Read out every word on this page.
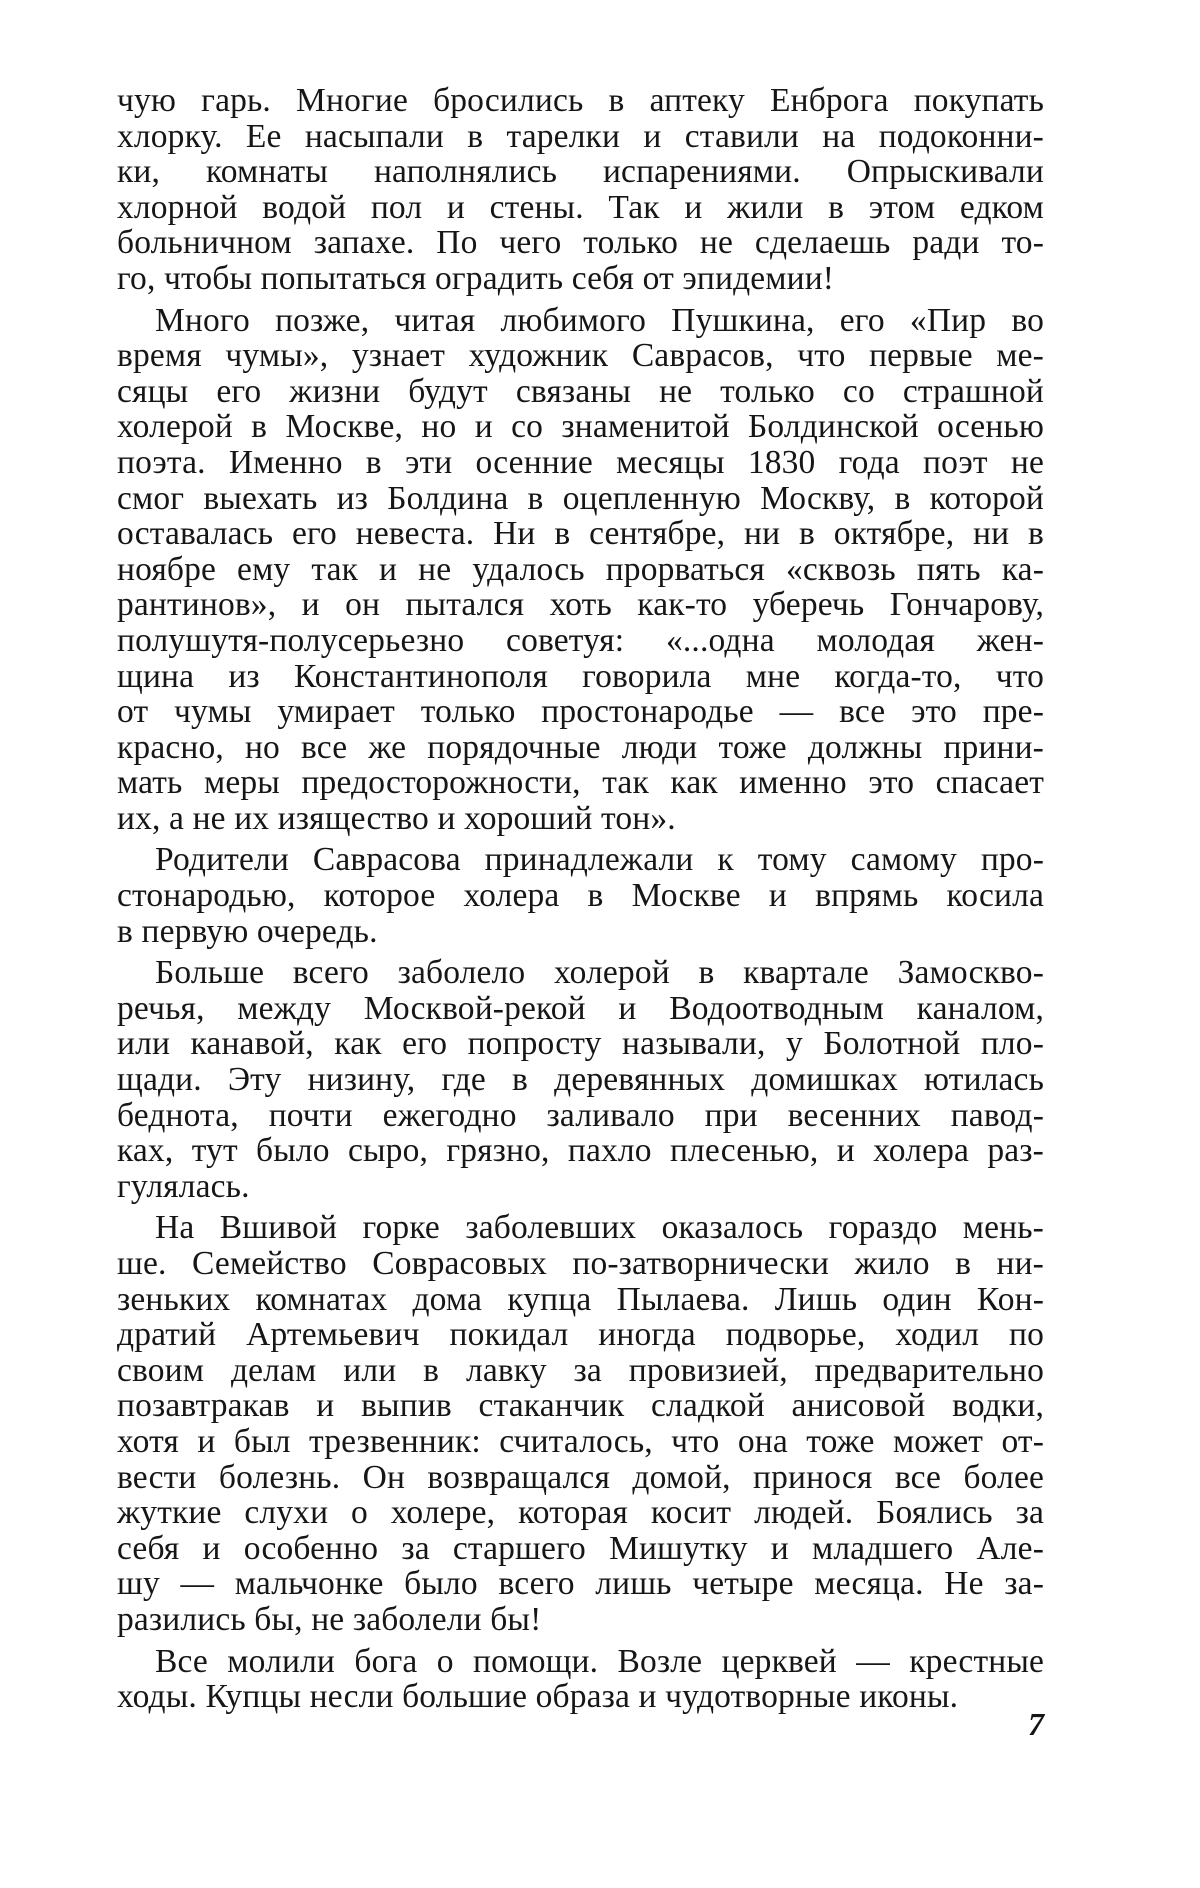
чую гарь. Многие бросились в аптеку Енброга покупать
хлорку. Ее насыпали в тарелки и ставили на подоконни-
ки, комнаты наполнялись испарениями. Опрыскивали
хлорной водой пол и стены. Так и жили в этом едком
больничном запахе. По чего только не сделаешь ради то-
го, чтобы попытаться оградить себя от эпидемии!
Много позже, читая любимого Пушкина, его «Пир во
время чумы», узнает художник Саврасов, что первые ме-
сяцы его жизни будут связаны не только со страшной
холерой в Москве, но и со знаменитой Болдинской осенью
поэта. Именно в эти осенние месяцы 1830 года поэт не
смог выехать из Болдина в оцепленную Москву, в которой
оставалась его невеста. Ни в сентябре, ни в октябре, ни в
ноябре ему так и не удалось прорваться «сквозь пять ка-
рантинов», и он пытался хоть как-то уберечь Гончарову,
полушутя-полусерьезно советуя: «...одна молодая жен-
щина из Константинополя говорила мне когда-то, что
от чумы умирает только простонародье — все это пре-
красно, но все же порядочные люди тоже должны прини-
мать меры предосторожности, так как именно это спасает
их, а не их изящество и хороший тон».
Родители Саврасова принадлежали к тому самому про-
стонародью, которое холера в Москве и впрямь косила
в первую очередь.
Больше всего заболело холерой в квартале Замоскво-
речья, между Москвой-рекой и Водоотводным каналом,
или канавой, как его попросту называли, у Болотной пло-
щади. Эту низину, где в деревянных домишках ютилась
беднота, почти ежегодно заливало при весенних павод-
ках, тут было сыро, грязно, пахло плесенью, и холера раз-
гулялась.
На Вшивой горке заболевших оказалось гораздо мень-
ше. Семейство Совраcовых по-затворнически жило в ни-
зеньких комнатах дома купца Пылаева. Лишь один Кон-
дратий Артемьевич покидал иногда подворье, ходил по
своим делам или в лавку за провизией, предварительно
позавтракав и выпив стаканчик сладкой анисовой водки,
хотя и был трезвенник: считалось, что она тоже может от-
вести болезнь. Он возвращался домой, принося все более
жуткие слухи о холере, которая косит людей. Боялись за
себя и особенно за старшего Мишутку и младшего Але-
шу — мальчонке было всего лишь четыре месяца. Не за-
разились бы, не заболели бы!
Все молили бога о помощи. Возле церквей — крестные
ходы. Купцы несли большие образа и чудотворные иконы.
7
